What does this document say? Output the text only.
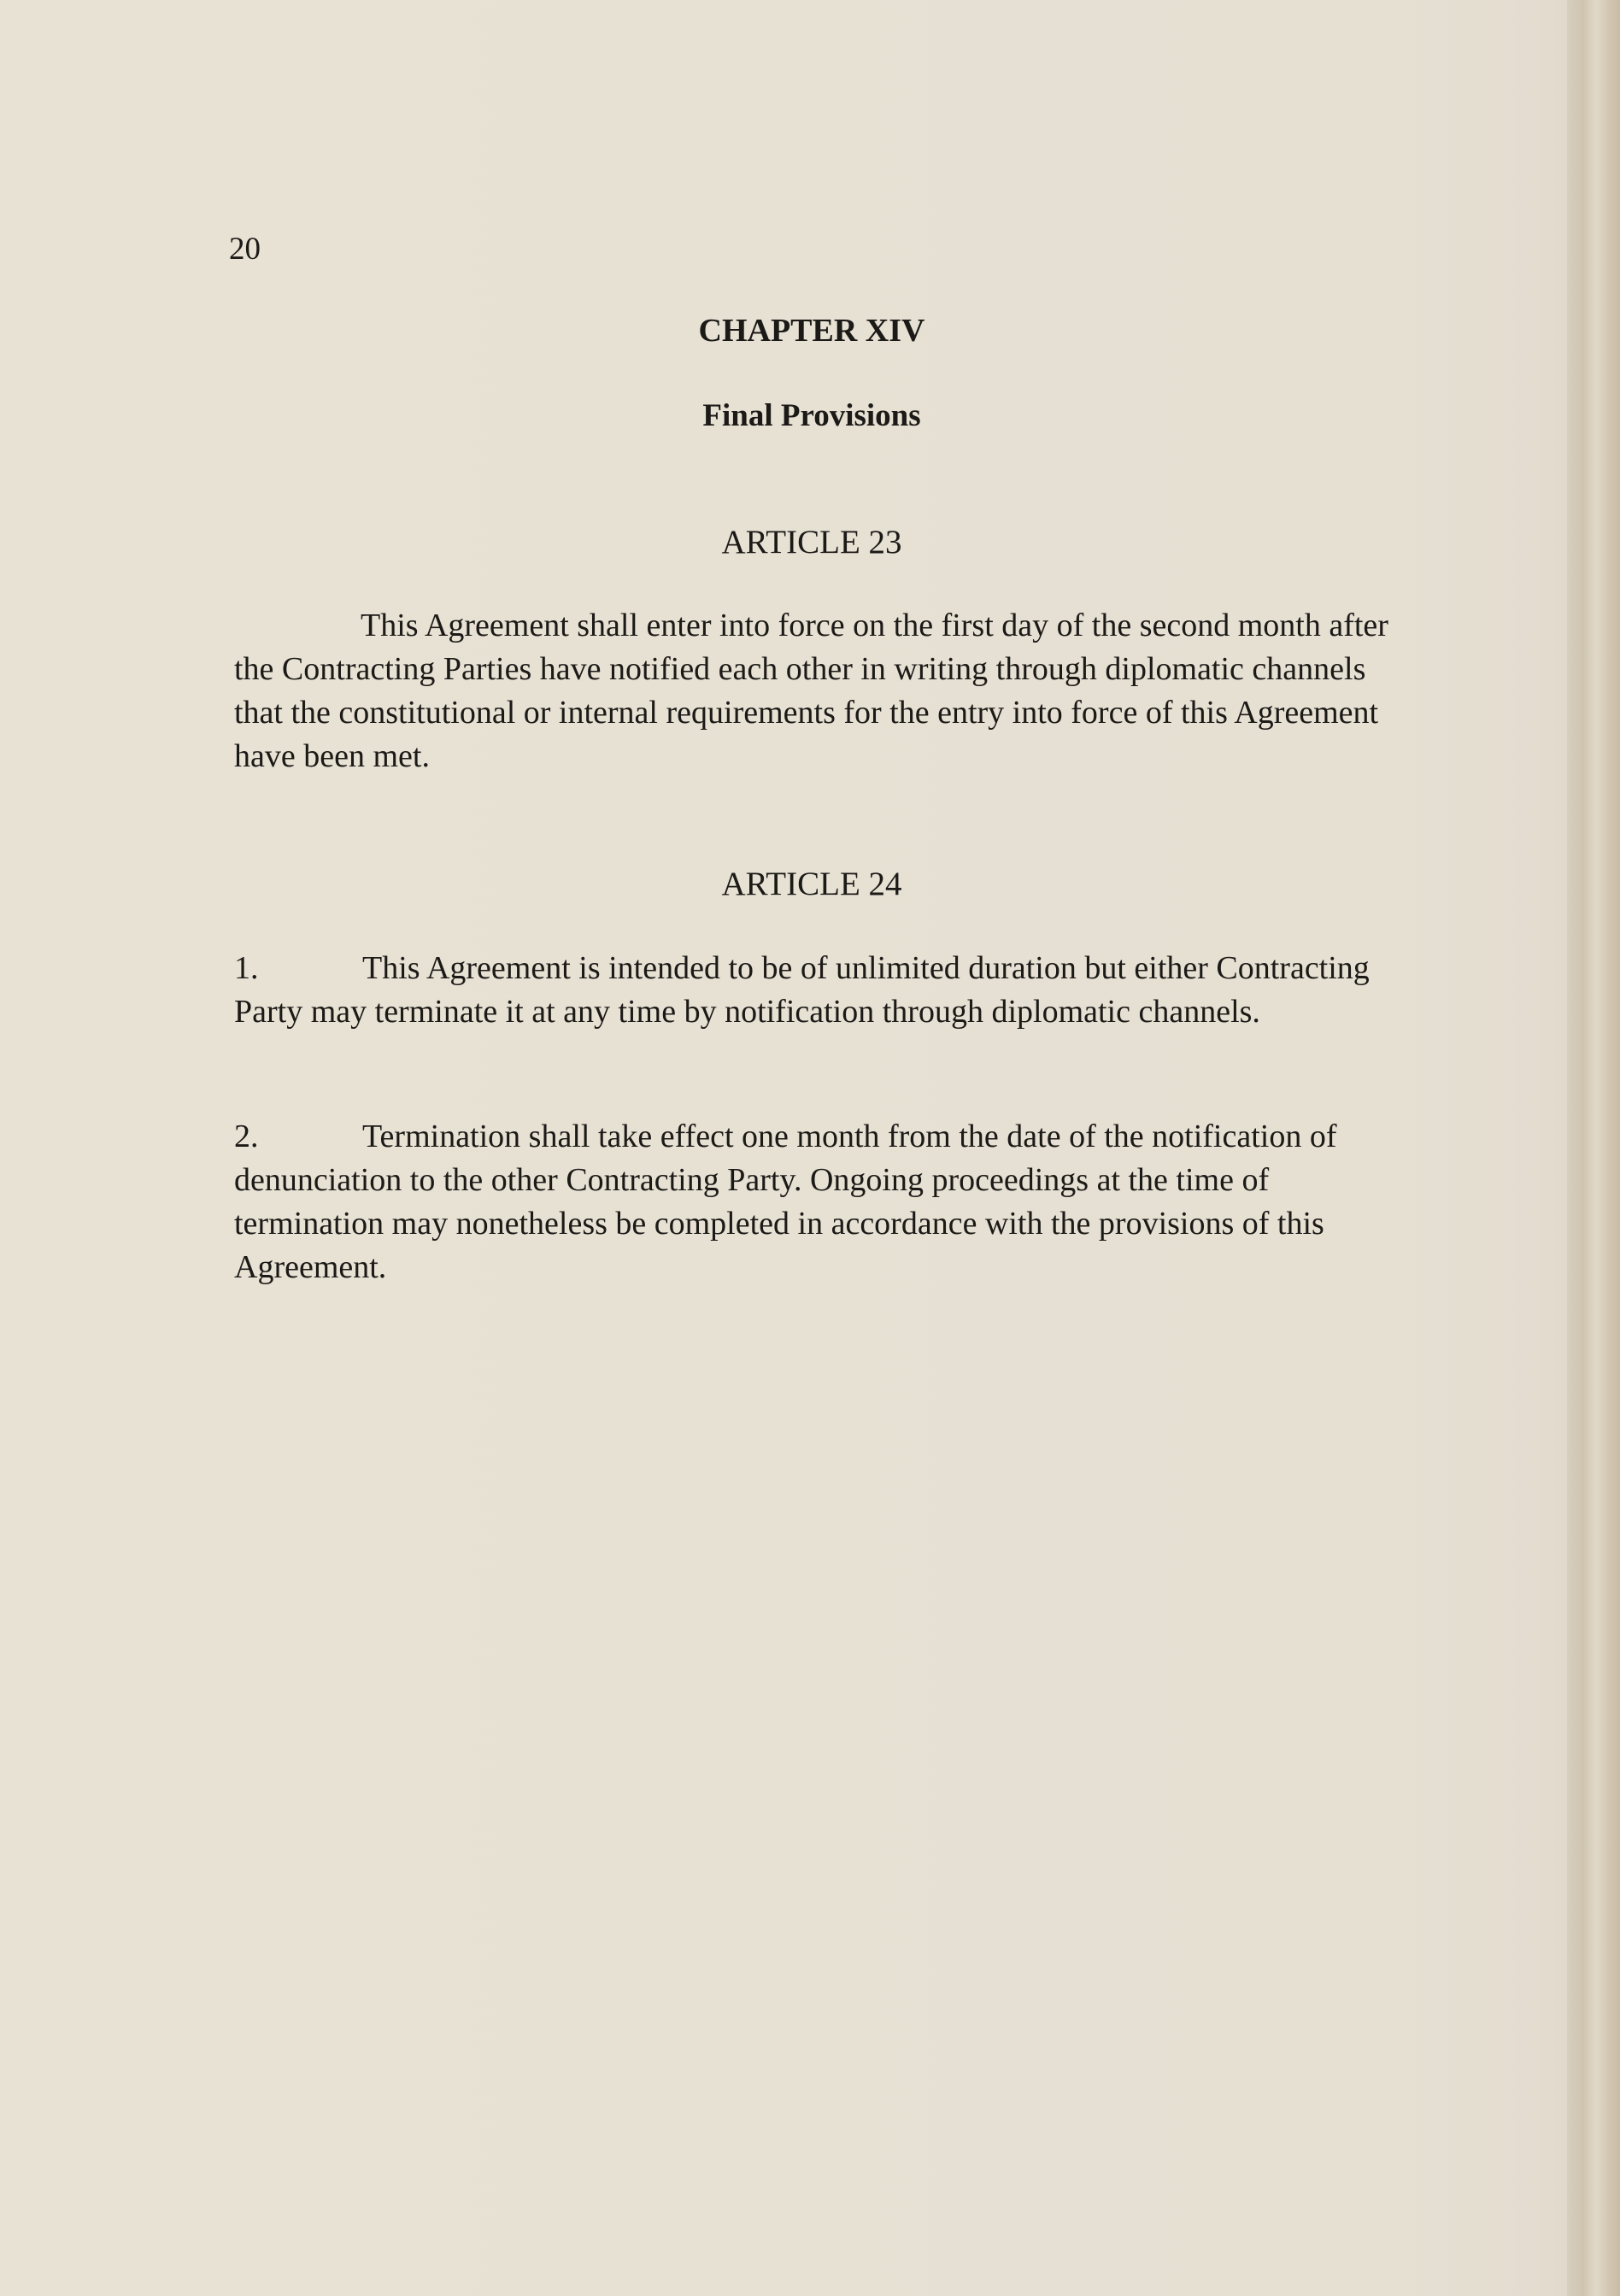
20
CHAPTER XIV
Final Provisions
ARTICLE 23

This Agreement shall enter into force on the first day of the second month after the Contracting Parties have notified each other in writing through diplomatic channels that the constitutional or internal requirements for the entry into force of this Agreement have been met.

ARTICLE 24

1.	This Agreement is intended to be of unlimited duration but either Contracting Party may terminate it at any time by notification through diplomatic channels.

2.	Termination shall take effect one month from the date of the notification of denunciation to the other Contracting Party. Ongoing proceedings at the time of termination may nonetheless be completed in accordance with the provisions of this Agreement.
